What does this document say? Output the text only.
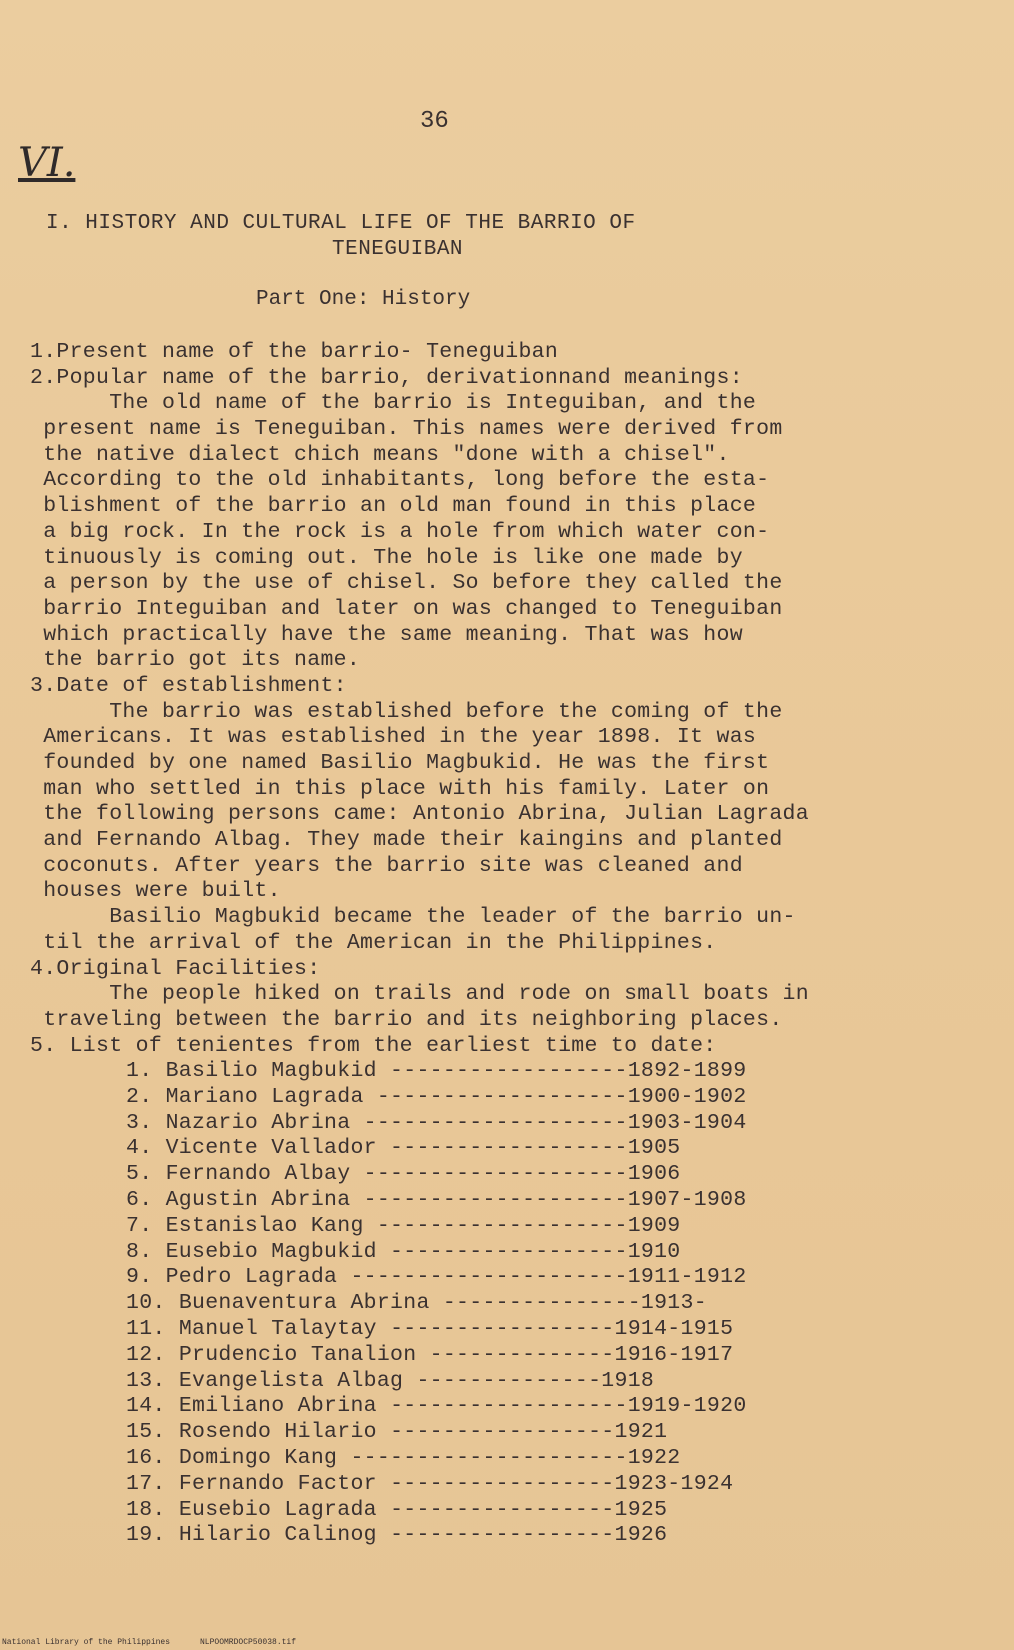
36
VI.
I. HISTORY AND CULTURAL LIFE OF THE BARRIO OF
TENEGUIBAN
Part One: History
1.Present name of the barrio- Teneguiban
2.Popular name of the barrio, derivationnand meanings:
The old name of the barrio is Integuiban, and the
present name is Teneguiban. This names were derived from
the native dialect chich means "done with a chisel".
According to the old inhabitants, long before the esta-
blishment of the barrio an old man found in this place
a big rock. In the rock is a hole from which water con-
tinuously is coming out. The hole is like one made by
a person by the use of chisel. So before they called the
barrio Integuiban and later on was changed to Teneguiban
which practically have the same meaning. That was how
the barrio got its name.
3.Date of establishment:
The barrio was established before the coming of the
Americans. It was established in the year 1898. It was
founded by one named Basilio Magbukid. He was the first
man who settled in this place with his family. Later on
the following persons came: Antonio Abrina, Julian Lagrada
and Fernando Albag. They made their kaingins and planted
coconuts. After years the barrio site was cleaned and
houses were built.
Basilio Magbukid became the leader of the barrio un-
til the arrival of the American in the Philippines.
4.Original Facilities:
The people hiked on trails and rode on small boats in
traveling between the barrio and its neighboring places.
5. List of tenientes from the earliest time to date:
1. Basilio Magbukid ------------------1892-1899
2. Mariano Lagrada -------------------1900-1902
3. Nazario Abrina --------------------1903-1904
4. Vicente Vallador ------------------1905
5. Fernando Albay --------------------1906
6. Agustin Abrina --------------------1907-1908
7. Estanislao Kang -------------------1909
8. Eusebio Magbukid ------------------1910
9. Pedro Lagrada ---------------------1911-1912
10. Buenaventura Abrina ---------------1913-
11. Manuel Talaytay -----------------1914-1915
12. Prudencio Tanalion --------------1916-1917
13. Evangelista Albag --------------1918
14. Emiliano Abrina ------------------1919-1920
15. Rosendo Hilario -----------------1921
16. Domingo Kang ---------------------1922
17. Fernando Factor -----------------1923-1924
18. Eusebio Lagrada -----------------1925
19. Hilario Calinog -----------------1926
National Library of the Philippines	NLPOOMRDOCP50038.tif
